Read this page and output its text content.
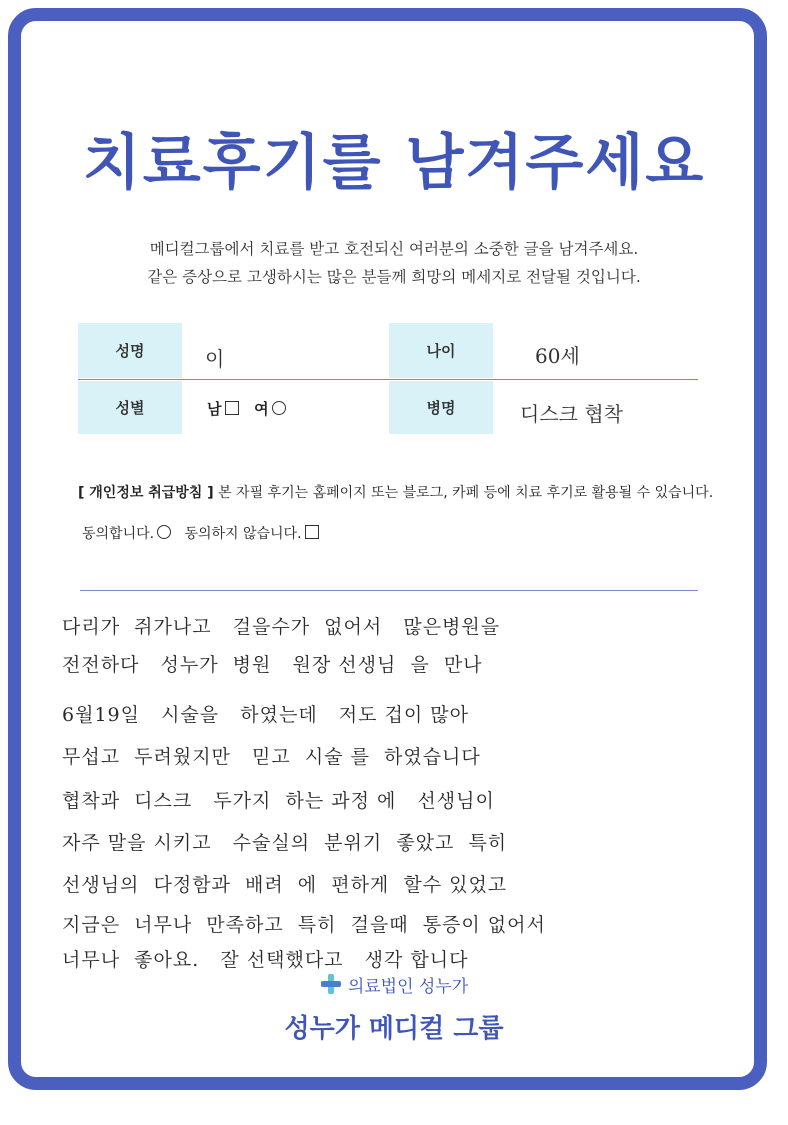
치료후기를 남겨주세요
메디컬그룹에서 치료를 받고 호전되신 여러분의 소중한 글을 남겨주세요.
같은 증상으로 고생하시는 많은 분들께 희망의 메세지로 전달될 것입니다.
성명	이	나이	60세
성별	남 여	병명	디스크 협착
[ 개인정보 취급방침 ] 본 자필 후기는 홈페이지 또는 블로그, 카페 등에 치료 후기로 활용될 수 있습니다.
동의합니다. 동의하지 않습니다.
다리가  쥐가나고   걸을수가  없어서   많은병원을
전전하다   성누가  병원   원장 선생님  을  만나
6월19일   시술을   하였는데   저도 겁이 많아
무섭고  두려웠지만   믿고  시술 를  하였습니다
협착과  디스크   두가지  하는 과정 에   선생님이
자주 말을 시키고   수술실의  분위기  좋았고  특히
선생님의  다정함과  배려  에  편하게  할수 있었고
지금은  너무나  만족하고  특히  걸을때  통증이 없어서
너무나  좋아요.   잘 선택했다고   생각 합니다
의료법인 성누가
성누가 메디컬 그룹
